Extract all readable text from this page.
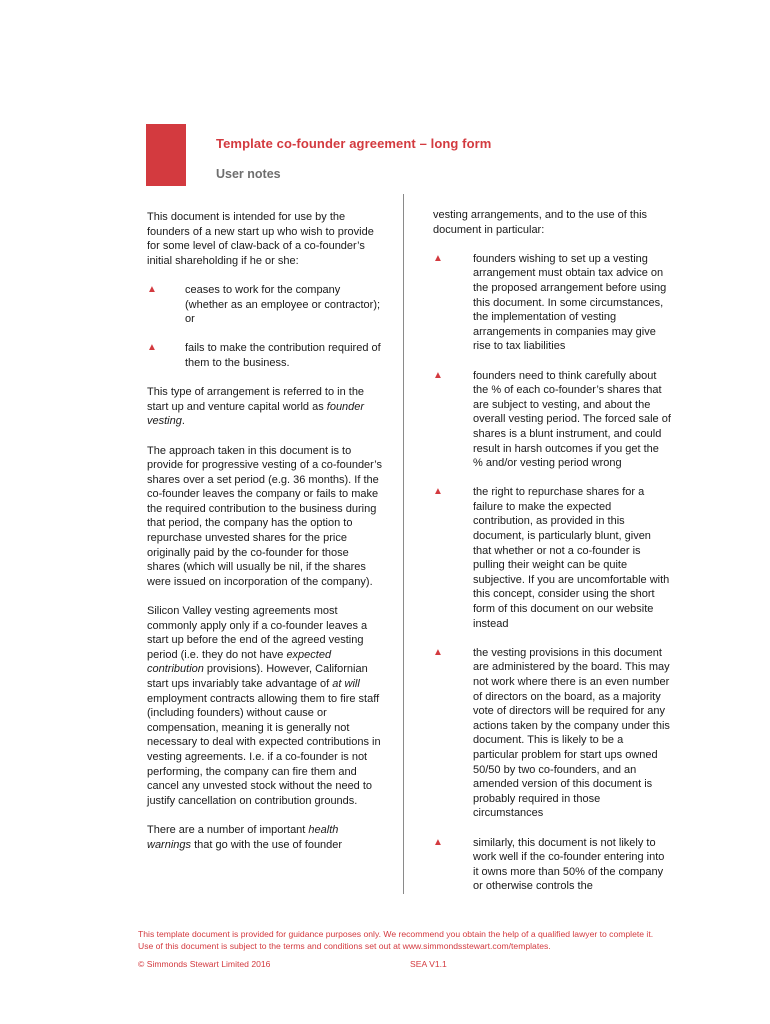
Template co-founder agreement – long form
User notes

This document is intended for use by the founders of a new start up who wish to provide for some level of claw-back of a co-founder’s initial shareholding if he or she:

▲	ceases to work for the company (whether as an employee or contractor); or
▲	fails to make the contribution required of them to the business.

This type of arrangement is referred to in the start up and venture capital world as founder vesting.

The approach taken in this document is to provide for progressive vesting of a co-founder’s shares over a set period (e.g. 36 months). If the co-founder leaves the company or fails to make the required contribution to the business during that period, the company has the option to repurchase unvested shares for the price originally paid by the co-founder for those shares (which will usually be nil, if the shares were issued on incorporation of the company).

Silicon Valley vesting agreements most commonly apply only if a co-founder leaves a start up before the end of the agreed vesting period (i.e. they do not have expected contribution provisions). However, Californian start ups invariably take advantage of at will employment contracts allowing them to fire staff (including founders) without cause or compensation, meaning it is generally not necessary to deal with expected contributions in vesting agreements. I.e. if a co-founder is not performing, the company can fire them and cancel any unvested stock without the need to justify cancellation on contribution grounds.

There are a number of important health warnings that go with the use of founder

vesting arrangements, and to the use of this document in particular:

▲	founders wishing to set up a vesting arrangement must obtain tax advice on the proposed arrangement before using this document. In some circumstances, the implementation of vesting arrangements in companies may give rise to tax liabilities
▲	founders need to think carefully about the % of each co-founder’s shares that are subject to vesting, and about the overall vesting period. The forced sale of shares is a blunt instrument, and could result in harsh outcomes if you get the % and/or vesting period wrong
▲	the right to repurchase shares for a failure to make the expected contribution, as provided in this document, is particularly blunt, given that whether or not a co-founder is pulling their weight can be quite subjective. If you are uncomfortable with this concept, consider using the short form of this document on our website instead
▲	the vesting provisions in this document are administered by the board. This may not work where there is an even number of directors on the board, as a majority vote of directors will be required for any actions taken by the company under this document. This is likely to be a particular problem for start ups owned 50/50 by two co-founders, and an amended version of this document is probably required in those circumstances
▲	similarly, this document is not likely to work well if the co-founder entering into it owns more than 50% of the company or otherwise controls the
This template document is provided for guidance purposes only. We recommend you obtain the help of a qualified lawyer to complete it. Use of this document is subject to the terms and conditions set out at www.simmondsstewart.com/templates.
© Simmonds Stewart Limited 2016	SEA V1.1
